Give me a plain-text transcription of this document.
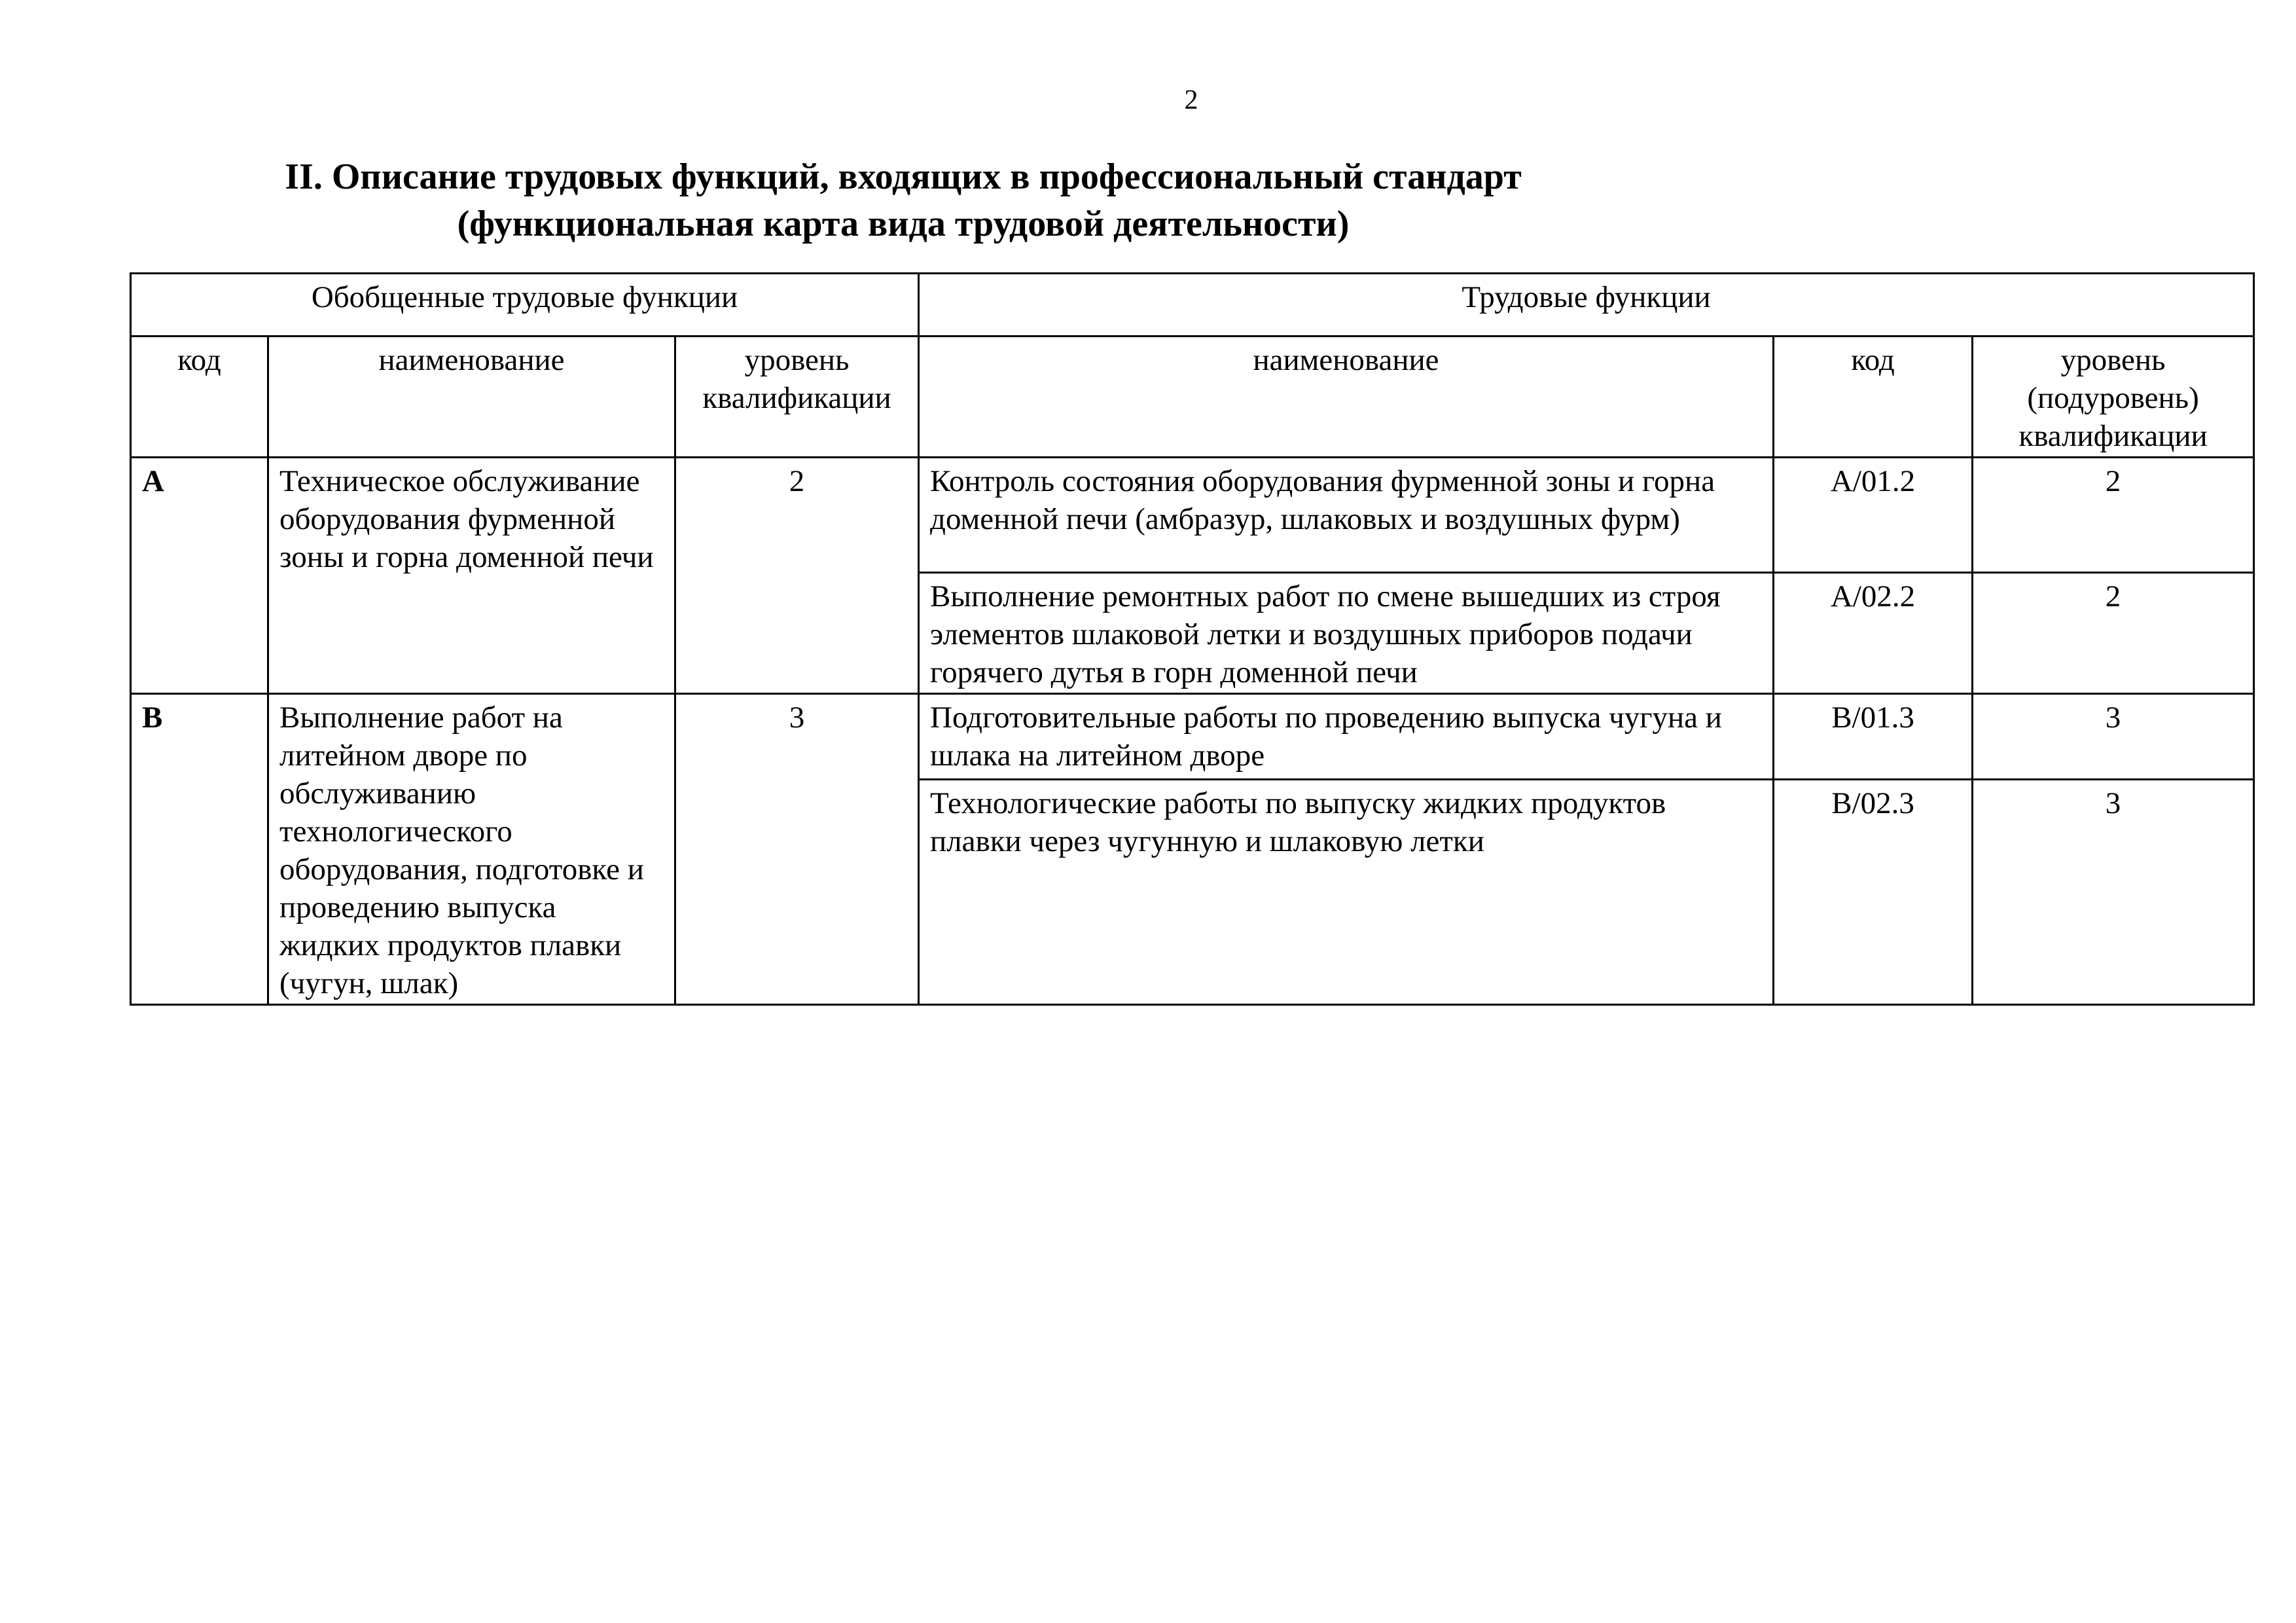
2
II. Описание трудовых функций, входящих в профессиональный стандарт
(функциональная карта вида трудовой деятельности)
Обобщенные трудовые функции			Трудовые функции		
код	наименование	уровень квалификации	наименование	код	уровень (подуровень) квалификации
A	Техническое обслуживание оборудования фурменной зоны и горна доменной печи	2	Контроль состояния оборудования фурменной зоны и горна доменной печи (амбразур, шлаковых и воздушных фурм)	A/01.2	2
			Выполнение ремонтных работ по смене вышедших из строя элементов шлаковой летки и воздушных приборов подачи горячего дутья в горн доменной печи	A/02.2	2
B	Выполнение работ на литейном дворе по обслуживанию технологического оборудования, подготовке и проведению выпуска жидких продуктов плавки (чугун, шлак)	3	Подготовительные работы по проведению выпуска чугуна и шлака на литейном дворе	B/01.3	3
			Технологические работы по выпуску жидких продуктов плавки через чугунную и шлаковую летки	B/02.3	3
